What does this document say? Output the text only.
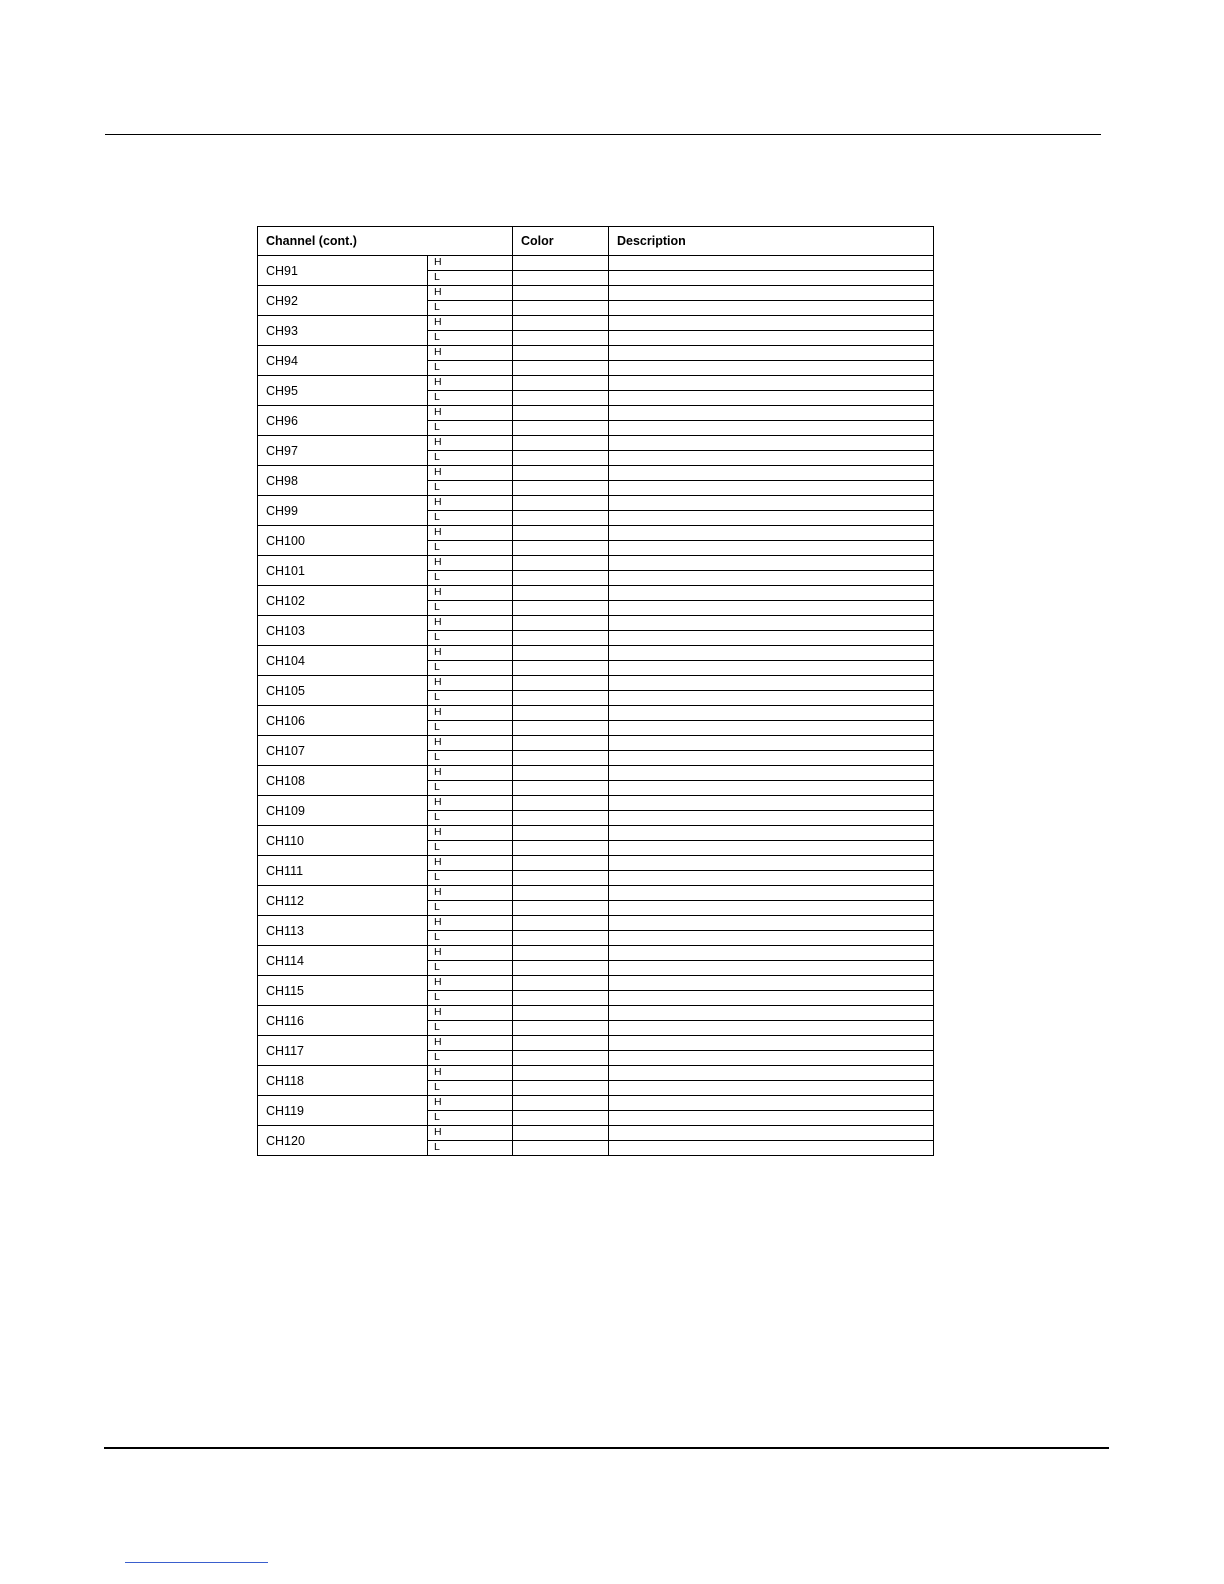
Channel (cont.)		Color	Description
CH91	H		
	L		
CH92	H		
	L		
CH93	H		
	L		
CH94	H		
	L		
CH95	H		
	L		
CH96	H		
	L		
CH97	H		
	L		
CH98	H		
	L		
CH99	H		
	L		
CH100	H		
	L		
CH101	H		
	L		
CH102	H		
	L		
CH103	H		
	L		
CH104	H		
	L		
CH105	H		
	L		
CH106	H		
	L		
CH107	H		
	L		
CH108	H		
	L		
CH109	H		
	L		
CH110	H		
	L		
CH111	H		
	L		
CH112	H		
	L		
CH113	H		
	L		
CH114	H		
	L		
CH115	H		
	L		
CH116	H		
	L		
CH117	H		
	L		
CH118	H		
	L		
CH119	H		
	L		
CH120	H		
	L		
